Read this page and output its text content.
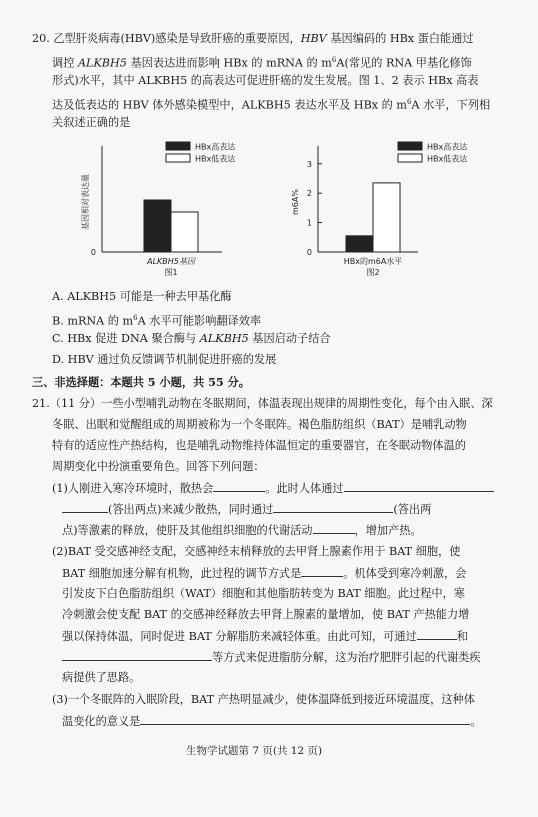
20. 乙型肝炎病毒(HBV)感染是导致肝癌的重要原因，HBV 基因编码的 HBx 蛋白能通过
调控 ALKBH5 基因表达进而影响 HBx 的 mRNA 的 $m^6A$(常见的 RNA 甲基化修饰
形式)水平，其中 ALKBH5 的高表达可促进肝癌的发生发展。图 1、2 表示 HBx 高表
达及低表达的 HBV 体外感染模型中，ALKBH5 表达水平及 HBx 的 $m^6A$ 水平，下列相
关叙述正确的是
0
基因相对表达量
ALKBH5基因
图1
HBx高表达
HBx低表达
0
1
2
3
m6A%
HBx的m6A水平
图2
HBx高表达
HBx低表达
A. ALKBH5 可能是一种去甲基化酶
B. mRNA 的 $m^6A$ 水平可能影响翻译效率
C. HBx 促进 DNA 聚合酶与 ALKBH5 基因启动子结合
D. HBV 通过负反馈调节机制促进肝癌的发展
三、非选择题：本题共 5 小题，共 55 分。
21.（11 分）一些小型哺乳动物在冬眠期间，体温表现出规律的周期性变化，每个由入眠、深
冬眠、出眠和觉醒组成的周期被称为一个冬眠阵。褐色脂肪组织（BAT）是哺乳动物
特有的适应性产热结构，也是哺乳动物维持体温恒定的重要器官，在冬眠动物体温的
周期变化中扮演重要角色。回答下列问题：
(1)人刚进入寒冷环境时，散热会	。此时人体通过
(答出两点)来减少散热，同时通过	(答出两
点)等激素的释放，使肝及其他组织细胞的代谢活动	，增加产热。
(2)BAT 受交感神经支配，交感神经末梢释放的去甲肾上腺素作用于 BAT 细胞，使
BAT 细胞加速分解有机物，此过程的调节方式是	。机体受到寒冷刺激，会
引发皮下白色脂肪组织（WAT）细胞和其他脂肪转变为 BAT 细胞。此过程中，寒
冷刺激会使支配 BAT 的交感神经释放去甲肾上腺素的量增加，使 BAT 产热能力增
强以保持体温，同时促进 BAT 分解脂肪来减轻体重。由此可知，可通过	和
等方式来促进脂肪分解，这为治疗肥胖引起的代谢类疾
病提供了思路。
(3)一个冬眠阵的入眠阶段，BAT 产热明显减少，使体温降低到接近环境温度，这种体
温变化的意义是	。
生物学试题第 7 页(共 12 页)
